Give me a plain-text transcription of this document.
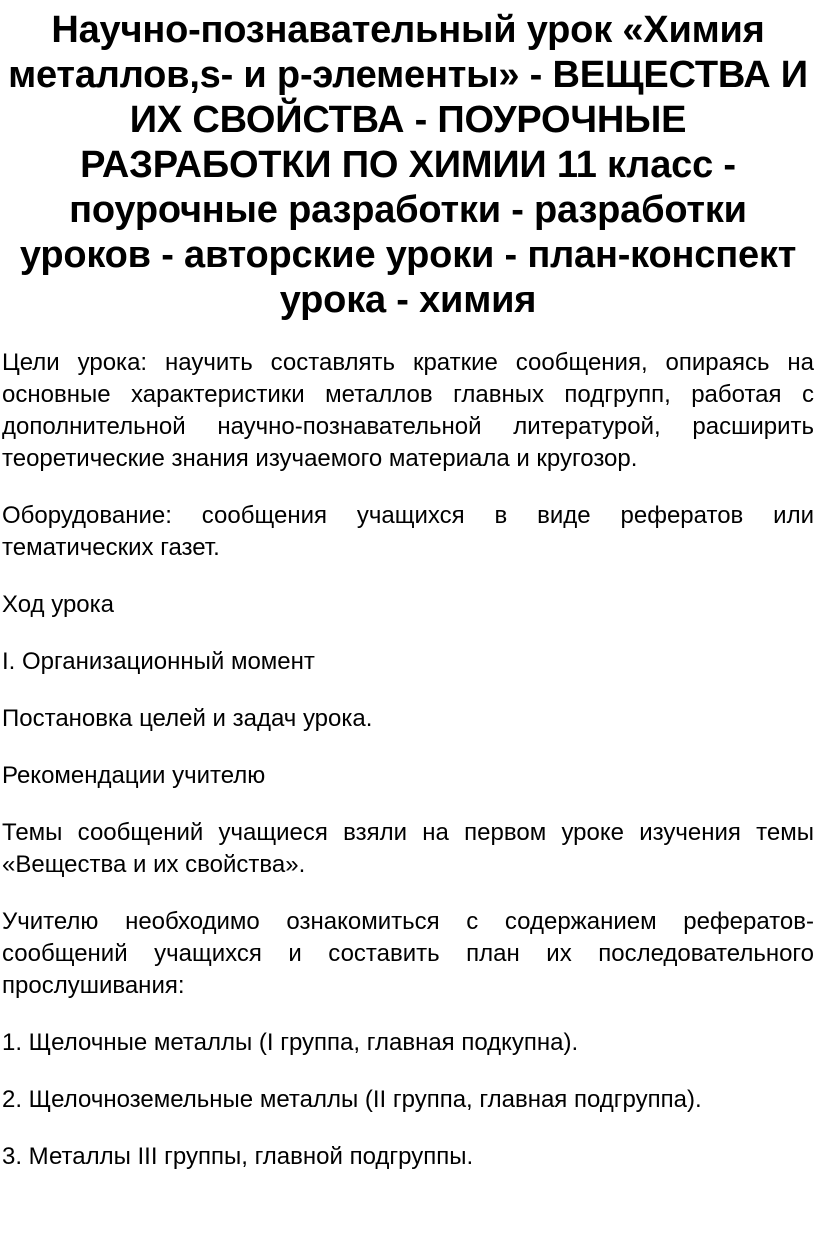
Научно-познавательный урок «Химия металлов,s- и p-элементы» - ВЕЩЕСТВА И ИХ СВОЙСТВА - ПОУРОЧНЫЕ РАЗРАБОТКИ ПО ХИМИИ 11 класс - поурочные разработки - разработки уроков - авторские уроки - план-конспект урока - химия

Цели урока: научить составлять краткие сообщения, опираясь на основные характеристики металлов главных подгрупп, работая с дополнительной научно-познавательной литературой, расширить теоретические знания изучаемого материала и кругозор.

Оборудование: сообщения учащихся в виде рефератов или тематических газет.

Ход урока

I. Организационный момент

Постановка целей и задач урока.

Рекомендации учителю

Темы сообщений учащиеся взяли на первом уроке изучения темы «Вещества и их свойства».

Учителю необходимо ознакомиться с содержанием рефератов-сообщений учащихся и составить план их последовательного прослушивания:

1. Щелочные металлы (I группа, главная подкупна).

2. Щелочноземельные металлы (II группа, главная подгруппа).

3. Металлы III группы, главной подгруппы.
